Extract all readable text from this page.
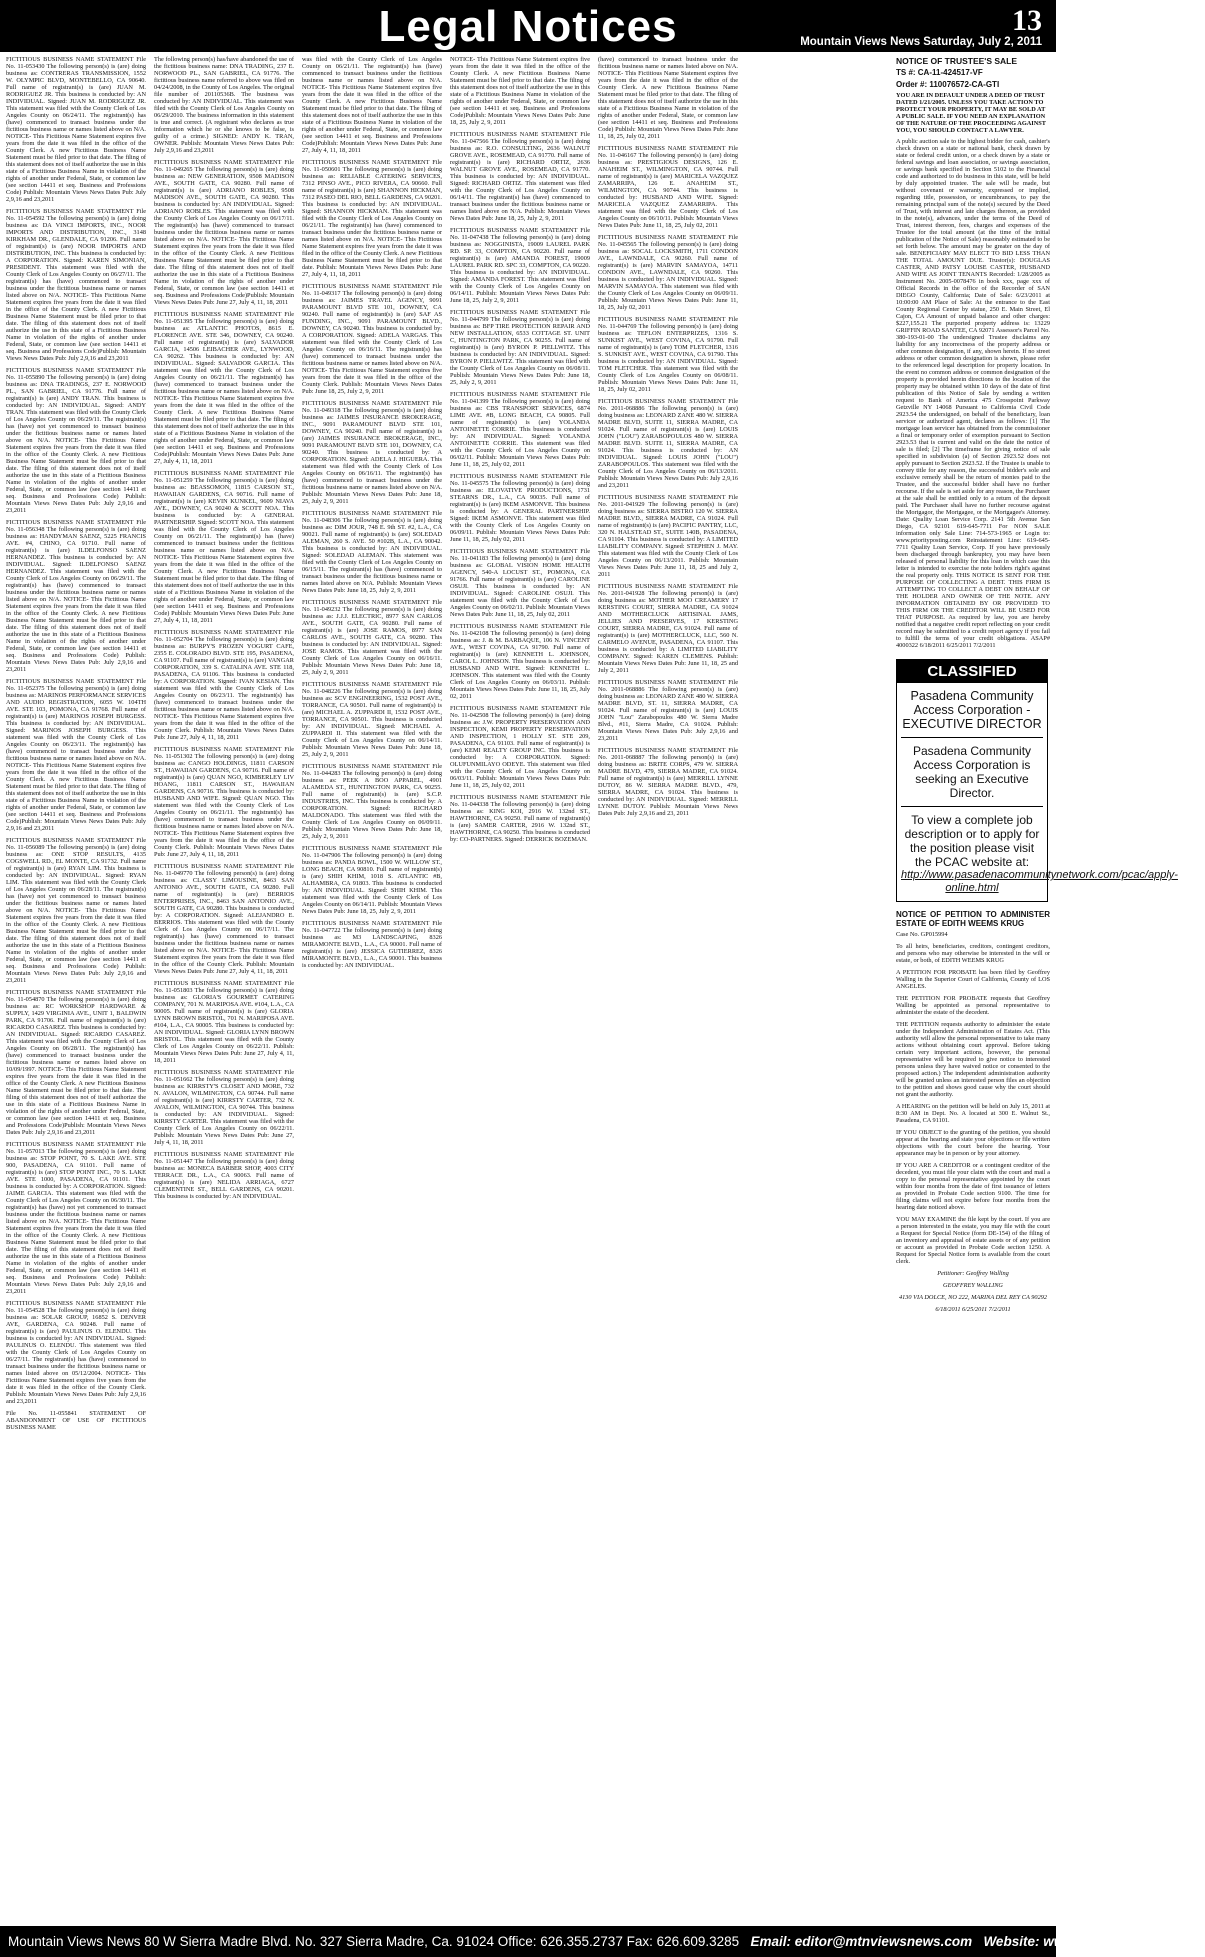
Legal Notices	13
Mountain Views News Saturday, July 2, 2011

FICTITIOUS BUSINESS NAME STATEMENT File No. 11-053430 The following person(s) is (are) doing business as: CONTRERAS TRANSMISSION, 1552 W. OLYMPIC BLVD, MONTEBELLO, CA 90640. Full name of registrant(s) is (are) JUAN M. RODRIGUEZ JR. This business is conducted by: AN INDIVIDUAL. Signed: JUAN M. RODRIGUEZ JR. This statement was filed with the County Clerk of Los Angeles County on 06/24/11. The registrant(s) has (have) commenced to transact business under the fictitious business name or names listed above on N/A. NOTICE- This Fictitious Name Statement expires five years from the date it was filed in the office of the County Clerk. A new Fictitious Business Name Statement must be filed prior to that date. The filing of this statement does not of itself authorize the use in this state of a Fictitious Business Name in violation of the rights of another under Federal, State, or common law (see section 14411 et seq. Business and Professions Code) Publish: Mountain Views News Dates Pub: July 2,9,16 and 23,2011

FICTITIOUS BUSINESS NAME STATEMENT File No. 11-054592 The following person(s) is (are) doing business as: DA VINCI IMPORTS, INC., NOOR IMPORTS AND DISTRIBUTION, INC., 3148 KIRKHAM DR., GLENDALE, CA 91206. Full name of registrant(s) is (are) NOOR IMPORTS AND DISTRIBUTION, INC. This business is conducted by: A CORPORATION. Signed: KAREN SIMONIAN, PRESIDENT. This statement was filed with the County Clerk of Los Angeles County on 06/27/11. The registrant(s) has (have) commenced to transact business under the fictitious business name or names listed above on N/A. NOTICE- This Fictitious Name Statement expires five years from the date it was filed in the office of the County Clerk. A new Fictitious Business Name Statement must be filed prior to that date. The filing of this statement does not of itself authorize the use in this state of a Fictitious Business Name in violation of the rights of another under Federal, State, or common law (see section 14411 et seq. Business and Professions Code)Publish: Mountain Views News Dates Pub: July 2,9,16 and 23,2011

FICTITIOUS BUSINESS NAME STATEMENT File No. 11-055890 The following person(s) is (are) doing business as: DNA TRADINGS, 237 E. NORWOOD PL., SAN GABRIEL, CA 91776. Full name of registrant(s) is (are) ANDY TRAN. This business is conducted by: AN INDIVIDUAL. Signed: ANDY TRAN. This statement was filed with the County Clerk of Los Angeles County on 06/29/11. The registrant(s) has (have) not yet commenced to transact business under the fictitious business name or names listed above on N/A. NOTICE- This Fictitious Name Statement expires five years from the date it was filed in the office of the County Clerk. A new Fictitious Business Name Statement must be filed prior to that date. The filing of this statement does not of itself authorize the use in this state of a Fictitious Business Name in violation of the rights of another under Federal, State, or common law (see section 14411 et seq. Business and Professions Code) Publish: Mountain Views News Dates Pub: July 2,9,16 and 23,2011

FICTITIOUS BUSINESS NAME STATEMENT File No. 11-056348 The following person(s) is (are) doing business as: HANDYMAN SAENZ, 5225 FRANCIS AVE. #4, CHINO, CA 91710. Full name of registrant(s) is (are) ILDELFONSO SAENZ HERNANDEZ. This business is conducted by: AN INDIVIDUAL. Signed: ILDELFONSO SAENZ HERNANDEZ. This statement was filed with the County Clerk of Los Angeles County on 06/29/11. The registrant(s) has (have) commenced to transact business under the fictitious business name or names listed above on N/A. NOTICE- This Fictitious Name Statement expires five years from the date it was filed in the office of the County Clerk. A new Fictitious Business Name Statement must be filed prior to that date. The filing of this statement does not of itself authorize the use in this state of a Fictitious Business Name in violation of the rights of another under Federal, State, or common law (see section 14411 et seq. Business and Professions Code) Publish: Mountain Views News Dates Pub: July 2,9,16 and 23,2011

FICTITIOUS BUSINESS NAME STATEMENT File No. 11-052375 The following person(s) is (are) doing business as: MARINOS PERFORMANCE SERVICES AND AUDIO REGISTRATION, 6055 W. 104TH AVE. STE 103, POMONA, CA 91768. Full name of registrant(s) is (are) MARINOS JOSEPH BURGESS. This business is conducted by: AN INDIVIDUAL. Signed: MARINOS JOSEPH BURGESS. This statement was filed with the County Clerk of Los Angeles County on 06/23/11. The registrant(s) has (have) commenced to transact business under the fictitious business name or names listed above on N/A. NOTICE- This Fictitious Name Statement expires five years from the date it was filed in the office of the County Clerk. A new Fictitious Business Name Statement must be filed prior to that date. The filing of this statement does not of itself authorize the use in this state of a Fictitious Business Name in violation of the rights of another under Federal, State, or common law (see section 14411 et seq. Business and Professions Code)Publish: Mountain Views News Dates Pub: July 2,9,16 and 23,2011

FICTITIOUS BUSINESS NAME STATEMENT File No. 11-056089 The following person(s) is (are) doing business as: ONE STOP RESULTS, 4135 COGSWELL RD., EL MONTE, CA 91732. Full name of registrant(s) is (are) RYAN LIM. This business is conducted by: AN INDIVIDUAL. Signed: RYAN LIM. This statement was filed with the County Clerk of Los Angeles County on 06/28/11. The registrant(s) has (have) not yet commenced to transact business under the fictitious business name or names listed above on N/A. NOTICE- This Fictitious Name Statement expires five years from the date it was filed in the office of the County Clerk. A new Fictitious Business Name Statement must be filed prior to that date. The filing of this statement does not of itself authorize the use in this state of a Fictitious Business Name in violation of the rights of another under Federal, State, or common law (see section 14411 et seq. Business and Professions Code) Publish: Mountain Views News Dates Pub: July 2,9,16 and 23,2011

FICTITIOUS BUSINESS NAME STATEMENT File No. 11-054870 The following person(s) is (are) doing business as: RC WORKSHOP HARDWARE & SUPPLY, 1429 VIRGINIA AVE., UNIT 1, BALDWIN PARK, CA 91706. Full name of registrant(s) is (are) RICARDO CASAREZ. This business is conducted by: AN INDIVIDUAL. Signed: RICARDO CASAREZ. This statement was filed with the County Clerk of Los Angeles County on 06/28/11. The registrant(s) has (have) commenced to transact business under the fictitious business name or names listed above on 10/09/1997. NOTICE- This Fictitious Name Statement expires five years from the date it was filed in the office of the County Clerk. A new Fictitious Business Name Statement must be filed prior to that date. The filing of this statement does not of itself authorize the use in this state of a Fictitious Business Name in violation of the rights of another under Federal, State, or common law (see section 14411 et seq. Business and Professions Code)Publish: Mountain Views News Dates Pub: July 2,9,16 and 23,2011

FICTITIOUS BUSINESS NAME STATEMENT File No. 11-057013 The following person(s) is (are) doing business as: STOP POINT, 70 S. LAKE AVE. STE 900, PASADENA, CA 91101. Full name of registrant(s) is (are) STOP POINT INC., 70 S. LAKE AVE. STE 1000, PASADENA, CA 91101. This business is conducted by: A CORPORATION. Signed: JAIME GARCIA. This statement was filed with the County Clerk of Los Angeles County on 06/30/11. The registrant(s) has (have) not yet commenced to transact business under the fictitious business name or names listed above on N/A. NOTICE- This Fictitious Name Statement expires five years from the date it was filed in the office of the County Clerk. A new Fictitious Business Name Statement must be filed prior to that date. The filing of this statement does not of itself authorize the use in this state of a Fictitious Business Name in violation of the rights of another under Federal, State, or common law (see section 14411 et seq. Business and Professions Code) Publish: Mountain Views News Dates Pub: July 2,9,16 and 23,2011

FICTITIOUS BUSINESS NAME STATEMENT File No. 11-054528 The following person(s) is (are) doing business as: SOLAR GROUP, 16852 S. DENVER AVE, GARDENA, CA 90248. Full name of registrant(s) is (are) PAULINUS O. ELENDU. This business is conducted by: AN INDIVIDUAL. Signed: PAULINUS O. ELENDU. This statement was filed with the County Clerk of Los Angeles County on 06/27/11. The registrant(s) has (have) commenced to transact business under the fictitious business name or names listed above on 05/12/2004. NOTICE- This Fictitious Name Statement expires five years from the date it was filed in the office of the County Clerk. Publish: Mountain Views News Dates Pub: July 2,9,16 and 23,2011

File No. 11-055841 STATEMENT OF ABANDONMENT OF USE OF FICTITIOUS BUSINESS NAME

The following person(s) has/have abandoned the use of the fictitious business name: DNA TRADING, 237 E. NORWOOD PL., SAN GABRIEL, CA 91776. The fictitious business name referred to above was filed on 04/24/2008, in the County of Los Angeles. The original file number of 20110536B. The business was conducted by: AN INDIVIDUAL. This statement was filed with the County Clerk of Los Angeles County on 06/29/2010. The business information in this statement is true and correct. (A registrant who declares as true information which he or she knows to be false, is guilty of a crime.) SIGNED: ANDY K. TRAN, OWNER. Publish: Mountain Views News Dates Pub: July 2,9,16 and 23,2011

FICTITIOUS BUSINESS NAME STATEMENT File No. 11-049265 The following person(s) is (are) doing business as: NEW GENERATION, 9508 MADISON AVE., SOUTH GATE, CA 90280. Full name of registrant(s) is (are) ADRIANO ROBLES, 9508 MADISON AVE., SOUTH GATE, CA 90280. This business is conducted by: AN INDIVIDUAL. Signed: ADRIANO ROBLES. This statement was filed with the County Clerk of Los Angeles County on 06/17/11. The registrant(s) has (have) commenced to transact business under the fictitious business name or names listed above on N/A. NOTICE- This Fictitious Name Statement expires five years from the date it was filed in the office of the County Clerk. A new Fictitious Business Name Statement must be filed prior to that date. The filing of this statement does not of itself authorize the use in this state of a Fictitious Business Name in violation of the rights of another under Federal, State, or common law (see section 14411 et seq. Business and Professions Code)Publish: Mountain Views News Dates Pub: June 27, July 4, 11, 18, 2011

FICTITIOUS BUSINESS NAME STATEMENT File No. 11-051395 The following person(s) is (are) doing business as: ATLANTIC PHOTOS, 8615 E. FLORENCE AVE. STE 346, DOWNEY, CA 90240. Full name of registrant(s) is (are) SALVADOR GARCIA, 14506 LEIBACHER AVE., LYNWOOD, CA 90262. This business is conducted by: AN INDIVIDUAL. Signed: SALVADOR GARCIA. This statement was filed with the County Clerk of Los Angeles County on 06/21/11. The registrant(s) has (have) commenced to transact business under the fictitious business name or names listed above on N/A. NOTICE- This Fictitious Name Statement expires five years from the date it was filed in the office of the County Clerk. A new Fictitious Business Name Statement must be filed prior to that date. The filing of this statement does not of itself authorize the use in this state of a Fictitious Business Name in violation of the rights of another under Federal, State, or common law (see section 14411 et seq. Business and Professions Code)Publish: Mountain Views News Dates Pub: June 27, July 4, 11, 18, 2011

FICTITIOUS BUSINESS NAME STATEMENT File No. 11-051259 The following person(s) is (are) doing business as: BEASSOMON, 11815 CARSON ST., HAWAIIAN GARDENS, CA 90716. Full name of registrant(s) is (are) KEVIN KUNKEL, 9609 NIAVA AVE., DOWNEY, CA 90240 & SCOTT NOA. This business is conducted by: A GENERAL PARTNERSHIP. Signed: SCOTT NOA. This statement was filed with the County Clerk of Los Angeles County on 06/21/11. The registrant(s) has (have) commenced to transact business under the fictitious business name or names listed above on N/A. NOTICE- This Fictitious Name Statement expires five years from the date it was filed in the office of the County Clerk. A new Fictitious Business Name Statement must be filed prior to that date. The filing of this statement does not of itself authorize the use in this state of a Fictitious Business Name in violation of the rights of another under Federal, State, or common law (see section 14411 et seq. Business and Professions Code) Publish: Mountain Views News Dates Pub: June 27, July 4, 11, 18, 2011

FICTITIOUS BUSINESS NAME STATEMENT File No. 11-052704 The following person(s) is (are) doing business as: BURPY'S FROZEN YOGURT CAFE, 2355 E. COLORADO BLVD. STE 195, PASADENA, CA 91107. Full name of registrant(s) is (are) VANGAR CORPORATION, 339 S. CATALINA AVE. STE 118, PASADENA, CA 91106. This business is conducted by: A CORPORATION. Signed: IVAN KESIAN. This statement was filed with the County Clerk of Los Angeles County on 06/23/11. The registrant(s) has (have) commenced to transact business under the fictitious business name or names listed above on N/A. NOTICE- This Fictitious Name Statement expires five years from the date it was filed in the office of the County Clerk. Publish: Mountain Views News Dates Pub: June 27, July 4, 11, 18, 2011

FICTITIOUS BUSINESS NAME STATEMENT File No. 11-051302 The following person(s) is (are) doing business as: CANGO HOLDINGS, 11811 CARSON ST., HAWAIIAN GARDENS, CA 90716. Full name of registrant(s) is (are) QUAN NGO, KIMBERLEY LIV HOANG, 11811 CARSON ST., HAWAIIAN GARDENS, CA 90716. This business is conducted by: HUSBAND AND WIFE. Signed: QUAN NGO. This statement was filed with the County Clerk of Los Angeles County on 06/21/11. The registrant(s) has (have) commenced to transact business under the fictitious business name or names listed above on N/A. NOTICE- This Fictitious Name Statement expires five years from the date it was filed in the office of the County Clerk. Publish: Mountain Views News Dates Pub: June 27, July 4, 11, 18, 2011

FICTITIOUS BUSINESS NAME STATEMENT File No. 11-049770 The following person(s) is (are) doing business as: CLASSY LIMOUSINE, 8463 SAN ANTONIO AVE., SOUTH GATE, CA 90280. Full name of registrant(s) is (are) BERRIOS ENTERPRISES, INC., 8463 SAN ANTONIO AVE., SOUTH GATE, CA 90280. This business is conducted by: A CORPORATION. Signed: ALEJANDRO E. BERRIOS. This statement was filed with the County Clerk of Los Angeles County on 06/17/11. The registrant(s) has (have) commenced to transact business under the fictitious business name or names listed above on N/A. NOTICE- This Fictitious Name Statement expires five years from the date it was filed in the office of the County Clerk. Publish: Mountain Views News Dates Pub: June 27, July 4, 11, 18, 2011

FICTITIOUS BUSINESS NAME STATEMENT File No. 11-051803 The following person(s) is (are) doing business as: GLORIA'S GOURMET CATERING COMPANY, 701 N. MARIPOSA AVE. #104, L.A., CA 90005. Full name of registrant(s) is (are) GLORIA LYNN BROWN BRISTOL, 701 N. MARIPOSA AVE. #104, L.A., CA 90005. This business is conducted by: AN INDIVIDUAL. Signed: GLORIA LYNN BROWN BRISTOL. This statement was filed with the County Clerk of Los Angeles County on 06/22/11. Publish: Mountain Views News Dates Pub: June 27, July 4, 11, 18, 2011

FICTITIOUS BUSINESS NAME STATEMENT File No. 11-051662 The following person(s) is (are) doing business as: KIRRSTY'S CLOSET AND MORE, 732 N. AVALON, WILMINGTON, CA 90744. Full name of registrant(s) is (are) KIRRSTY CARTER, 732 N. AVALON, WILMINGTON, CA 90744. This business is conducted by: AN INDIVIDUAL. Signed: KIRRSTY CARTER. This statement was filed with the County Clerk of Los Angeles County on 06/22/11. Publish: Mountain Views News Dates Pub: June 27, July 4, 11, 18, 2011

FICTITIOUS BUSINESS NAME STATEMENT File No. 11-051447 The following person(s) is (are) doing business as: MONECA BARBER SHOP, 4003 CITY TERRACE DR., L.A., CA 90063. Full name of registrant(s) is (are) NELIDA ARRIAGA, 6727 CLEMENTINE ST., BELL GARDENS, CA 90201. This business is conducted by: AN INDIVIDUAL.

was filed with the County Clerk of Los Angeles County on 06/21/11. The registrant(s) has (have) commenced to transact business under the fictitious business name or names listed above on N/A. NOTICE- This Fictitious Name Statement expires five years from the date it was filed in the office of the County Clerk. A new Fictitious Business Name Statement must be filed prior to that date. The filing of this statement does not of itself authorize the use in this state of a Fictitious Business Name in violation of the rights of another under Federal, State, or common law (see section 14411 et seq. Business and Professions Code)Publish: Mountain Views News Dates Pub: June 27, July 4, 11, 18, 2011

FICTITIOUS BUSINESS NAME STATEMENT File No. 11-050601 The following person(s) is (are) doing business as: RELIABLE CATERING SERVICES, 7312 PINSO AVE., PICO RIVERA, CA 90660. Full name of registrant(s) is (are) SHANNON HICKMAN, 7312 PASEO DEL RIO, BELL GARDENS, CA 90201. This business is conducted by: AN INDIVIDUAL. Signed: SHANNON HICKMAN. This statement was filed with the County Clerk of Los Angeles County on 06/21/11. The registrant(s) has (have) commenced to transact business under the fictitious business name or names listed above on N/A. NOTICE- This Fictitious Name Statement expires five years from the date it was filed in the office of the County Clerk. A new Fictitious Business Name Statement must be filed prior to that date. Publish: Mountain Views News Dates Pub: June 27, July 4, 11, 18, 2011

FICTITIOUS BUSINESS NAME STATEMENT File No. 11-049317 The following person(s) is (are) doing business as: JAIMES TRAVEL AGENCY, 9091 PARAMOUNT BLVD STE 101, DOWNEY, CA 90240. Full name of registrant(s) is (are) SAF AS FUNDING, INC., 9091 PARAMOUNT BLVD., DOWNEY, CA 90240. This business is conducted by: A CORPORATION. Signed: ADELA VARGAS. This statement was filed with the County Clerk of Los Angeles County on 06/16/11. The registrant(s) has (have) commenced to transact business under the fictitious business name or names listed above on N/A. NOTICE- This Fictitious Name Statement expires five years from the date it was filed in the office of the County Clerk. Publish: Mountain Views News Dates Pub: June 18, 25, July 2, 9, 2011

FICTITIOUS BUSINESS NAME STATEMENT File No. 11-049318 The following person(s) is (are) doing business as: JAIMES INSURANCE BROKERAGE, INC., 9091 PARAMOUNT BLVD STE 101, DOWNEY, CA 90240. Full name of registrant(s) is (are) JAIMES INSURANCE BROKERAGE, INC., 9091 PARAMOUNT BLVD STE 101, DOWNEY, CA 90240. This business is conducted by: A CORPORATION. Signed: ADELA J. HIGUERA. This statement was filed with the County Clerk of Los Angeles County on 06/16/11. The registrant(s) has (have) commenced to transact business under the fictitious business name or names listed above on N/A. Publish: Mountain Views News Dates Pub: June 18, 25, July 2, 9, 2011

FICTITIOUS BUSINESS NAME STATEMENT File No. 11-048306 The following person(s) is (are) doing business as: DIM JOUR, 748 E. 9th ST. #2, L.A., CA 90021. Full name of registrant(s) is (are) SOLEDAD ALEMAN, 260 S. AVE. 50 #102B, L.A., CA 90042. This business is conducted by: AN INDIVIDUAL. Signed: SOLEDAD ALEMAN. This statement was filed with the County Clerk of Los Angeles County on 06/15/11. The registrant(s) has (have) commenced to transact business under the fictitious business name or names listed above on N/A. Publish: Mountain Views News Dates Pub: June 18, 25, July 2, 9, 2011

FICTITIOUS BUSINESS NAME STATEMENT File No. 11-049232 The following person(s) is (are) doing business as: J.J.J. ELECTRIC, 8977 SAN CARLOS AVE., SOUTH GATE, CA 90280. Full name of registrant(s) is (are) JOSE RAMOS, 8977 SAN CARLOS AVE., SOUTH GATE, CA 90280. This business is conducted by: AN INDIVIDUAL. Signed: JOSE RAMOS. This statement was filed with the County Clerk of Los Angeles County on 06/16/11. Publish: Mountain Views News Dates Pub: June 18, 25, July 2, 9, 2011

FICTITIOUS BUSINESS NAME STATEMENT File No. 11-048226 The following person(s) is (are) doing business as: SCV ENGINEERING, 1532 POST AVE., TORRANCE, CA 90501. Full name of registrant(s) is (are) MICHAEL A. ZUPPARDI II, 1532 POST AVE., TORRANCE, CA 90501. This business is conducted by: AN INDIVIDUAL. Signed: MICHAEL A. ZUPPARDI II. This statement was filed with the County Clerk of Los Angeles County on 06/14/11. Publish: Mountain Views News Dates Pub: June 18, 25, July 2, 9, 2011

FICTITIOUS BUSINESS NAME STATEMENT File No. 11-044283 The following person(s) is (are) doing business as: PEEK A BOO APPAREL, 4901 ALAMEDA ST., HUNTINGTON PARK, CA 90255. Full name of registrant(s) is (are) S.C.P. INDUSTRIES, INC. This business is conducted by: A CORPORATION. Signed: RICHARD MALDONADO. This statement was filed with the County Clerk of Los Angeles County on 06/09/11. Publish: Mountain Views News Dates Pub: June 18, 25, July 2, 9, 2011

FICTITIOUS BUSINESS NAME STATEMENT File No. 11-047906 The following person(s) is (are) doing business as: PANDA BOWL, 1500 W. WILLOW ST., LONG BEACH, CA 90810. Full name of registrant(s) is (are) SHIH KHIM, 1018 S. ATLANTIC #B, ALHAMBRA, CA 91803. This business is conducted by: AN INDIVIDUAL. Signed: SHIH KHIM. This statement was filed with the County Clerk of Los Angeles County on 06/14/11. Publish: Mountain Views News Dates Pub: June 18, 25, July 2, 9, 2011

FICTITIOUS BUSINESS NAME STATEMENT File No. 11-047722 The following person(s) is (are) doing business as: M3 LANDSCAPING, 8326 MIRAMONTE BLVD., L.A., CA 90001. Full name of registrant(s) is (are) JESSICA GUTIERREZ, 8326 MIRAMONTE BLVD., L.A., CA 90001. This business is conducted by: AN INDIVIDUAL.

NOTICE- This Fictitious Name Statement expires five years from the date it was filed in the office of the County Clerk. A new Fictitious Business Name Statement must be filed prior to that date. The filing of this statement does not of itself authorize the use in this state of a Fictitious Business Name in violation of the rights of another under Federal, State, or common law (see section 14411 et seq. Business and Professions Code)Publish: Mountain Views News Dates Pub: June 18, 25, July 2, 9, 2011

FICTITIOUS BUSINESS NAME STATEMENT File No. 11-047566 The following person(s) is (are) doing business as: R.O. CONSULTING, 2636 WALNUT GROVE AVE., ROSEMEAD, CA 91770. Full name of registrant(s) is (are) RICHARD ORTIZ, 2636 WALNUT GROVE AVE., ROSEMEAD, CA 91770. This business is conducted by: AN INDIVIDUAL. Signed: RICHARD ORTIZ. This statement was filed with the County Clerk of Los Angeles County on 06/14/11. The registrant(s) has (have) commenced to transact business under the fictitious business name or names listed above on N/A. Publish: Mountain Views News Dates Pub: June 18, 25, July 2, 9, 2011

FICTITIOUS BUSINESS NAME STATEMENT File No. 11-047438 The following person(s) is (are) doing business as: NOGGINISTA, 19009 LAUREL PARK RD. SP. 33, COMPTON, CA 90220. Full name of registrant(s) is (are) AMANDA FOREST, 19009 LAUREL PARK RD. SPC 33, COMPTON, CA 90220. This business is conducted by: AN INDIVIDUAL. Signed: AMANDA FOREST. This statement was filed with the County Clerk of Los Angeles County on 06/14/11. Publish: Mountain Views News Dates Pub: June 18, 25, July 2, 9, 2011

FICTITIOUS BUSINESS NAME STATEMENT File No. 11-044799 The following person(s) is (are) doing business as: BFP TIRE PROTECTION REPAIR AND NEW INSTALLATION, 6533 COTTAGE ST. UNIT C, HUNTINGTON PARK, CA 90255. Full name of registrant(s) is (are) BYRON P. PIELLWITZ. This business is conducted by: AN INDIVIDUAL. Signed: BYRON P. PIELLWITZ. This statement was filed with the County Clerk of Los Angeles County on 06/08/11. Publish: Mountain Views News Dates Pub: June 18, 25, July 2, 9, 2011

FICTITIOUS BUSINESS NAME STATEMENT File No. 11-041399 The following person(s) is (are) doing business as: CBS TRANSPORT SERVICES, 6874 LIME AVE. #B, LONG BEACH, CA 90805. Full name of registrant(s) is (are) YOLANDA ANTOINETTE CORRIE. This business is conducted by: AN INDIVIDUAL. Signed: YOLANDA ANTOINETTE CORRIE. This statement was filed with the County Clerk of Los Angeles County on 06/02/11. Publish: Mountain Views News Dates Pub: June 11, 18, 25, July 02, 2011

FICTITIOUS BUSINESS NAME STATEMENT File No. 11-045575 The following person(s) is (are) doing business as: ELOVATIVE PRODUCTIONS, 1731 STEARNS DR., L.A., CA 90035. Full name of registrant(s) is (are) IKEM ASMONVE. This business is conducted by: A GENERAL PARTNERSHIP. Signed: IKEM ASMONVE. This statement was filed with the County Clerk of Los Angeles County on 06/09/11. Publish: Mountain Views News Dates Pub: June 11, 18, 25, July 02, 2011

FICTITIOUS BUSINESS NAME STATEMENT File No. 11-041183 The following person(s) is (are) doing business as: GLOBAL VISION HOME HEALTH AGENCY, 540-A LOCUST ST., POMONA, CA 91766. Full name of registrant(s) is (are) CAROLINE OSUJI. This business is conducted by: AN INDIVIDUAL. Signed: CAROLINE OSUJI. This statement was filed with the County Clerk of Los Angeles County on 06/02/11. Publish: Mountain Views News Dates Pub: June 11, 18, 25, July 02, 2011

FICTITIOUS BUSINESS NAME STATEMENT File No. 11-042108 The following person(s) is (are) doing business as: J. & M. BARBAQUE, 106 N. VINCENT AVE., WEST COVINA, CA 91790. Full name of registrant(s) is (are) KENNETH L. JOHNSON, CAROL L. JOHNSON. This business is conducted by: HUSBAND AND WIFE. Signed: KENNETH L. JOHNSON. This statement was filed with the County Clerk of Los Angeles County on 06/03/11. Publish: Mountain Views News Dates Pub: June 11, 18, 25, July 02, 2011

FICTITIOUS BUSINESS NAME STATEMENT File No. 11-042508 The following person(s) is (are) doing business as: J.W. PROPERTY PRESERVATION AND INSPECTION, KEMI PROPERTY PRESERVATION AND INSPECTION, 1 HOLLY ST. STE 209, PASADENA, CA 91103. Full name of registrant(s) is (are) KEMI REALTY GROUP INC. This business is conducted by: A CORPORATION. Signed: OLUFUNMILAYO ODEYE. This statement was filed with the County Clerk of Los Angeles County on 06/03/11. Publish: Mountain Views News Dates Pub: June 11, 18, 25, July 02, 2011

FICTITIOUS BUSINESS NAME STATEMENT File No. 11-044338 The following person(s) is (are) doing business as: KING KOI, 2916 W. 132nd ST., HAWTHORNE, CA 90250. Full name of registrant(s) is (are) SAMER CARTER, 2916 W. 132nd ST., HAWTHORNE, CA 90250. This business is conducted by: CO-PARTNERS. Signed: DERRICK BOZEMAN.

(have) commenced to transact business under the fictitious business name or names listed above on N/A. NOTICE- This Fictitious Name Statement expires five years from the date it was filed in the office of the County Clerk. A new Fictitious Business Name Statement must be filed prior to that date. The filing of this statement does not of itself authorize the use in this state of a Fictitious Business Name in violation of the rights of another under Federal, State, or common law (see section 14411 et seq. Business and Professions Code) Publish: Mountain Views News Dates Pub: June 11, 18, 25, July 02, 2011

FICTITIOUS BUSINESS NAME STATEMENT File No. 11-046167 The following person(s) is (are) doing business as: PRESTIGIOUS DESIGNS, 126 E. ANAHEIM ST., WILMINGTON, CA 90744. Full name of registrant(s) is (are) MARICELA VAZQUEZ ZAMARRIPA, 126 E. ANAHEIM ST., WILMINGTON, CA 90744. This business is conducted by: HUSBAND AND WIFE. Signed: MARICELA VAZQUEZ ZAMARRIPA. This statement was filed with the County Clerk of Los Angeles County on 06/10/11. Publish: Mountain Views News Dates Pub: June 11, 18, 25, July 02, 2011

FICTITIOUS BUSINESS NAME STATEMENT File No. 11-045565 The following person(s) is (are) doing business as: SOCAL LOCKSMITH, 1711 CONDON AVE., LAWNDALE, CA 90260. Full name of registrant(s) is (are) MARVIN SAMAYOA, 14711 CONDON AVE., LAWNDALE, CA 90260. This business is conducted by: AN INDIVIDUAL. Signed: MARVIN SAMAYOA. This statement was filed with the County Clerk of Los Angeles County on 06/09/11. Publish: Mountain Views News Dates Pub: June 11, 18, 25, July 02, 2011

FICTITIOUS BUSINESS NAME STATEMENT File No. 11-044769 The following person(s) is (are) doing business as: TEFLON ENTERPRIZES, 1316 S. SUNKIST AVE., WEST COVINA, CA 91790. Full name of registrant(s) is (are) TOM FLETCHER, 1316 S. SUNKIST AVE., WEST COVINA, CA 91790. This business is conducted by: AN INDIVIDUAL. Signed: TOM FLETCHER. This statement was filed with the County Clerk of Los Angeles County on 06/08/11. Publish: Mountain Views News Dates Pub: June 11, 18, 25, July 02, 2011

FICTITIOUS BUSINESS NAME STATEMENT File No. 2011-068886 The following person(s) is (are) doing business as: LEONARD ZANE 480 W. SIERRA MADRE BLVD, SUITE 11, SIERRA MADRE, CA 91024. Full name of registrant(s) is (are) LOUIS JOHN ("LOU") ZARABOPOULOS 480 W. SIERRA MADRE BLVD. SUITE 11, SIERRA MADRE, CA 91024. This business is conducted by: AN INDIVIDUAL. Signed: LOUIS JOHN ("LOU") ZARABOPOULOS. This statement was filed with the County Clerk of Los Angeles County on 06/13/2011. Publish: Mountain Views News Dates Pub: July 2,9,16 and 23,2011

FICTITIOUS BUSINESS NAME STATEMENT File No. 2011-041929 The following person(s) is (are) doing business as: SIERRA BISTRO 120 W. SIERRA MADRE BLVD., SIERRA MADRE, CA 91024. Full name of registrant(s) is (are) PACIFIC PANTRY, LLC, 320 N. HALSTEAD ST., SUITE 140B, PASADENA, CA 91104. This business is conducted by: A LIMITED LIABILITY COMPANY. Signed: STEPHEN J. MAY. This statement was filed with the County Clerk of Los Angeles County on 06/13/2011. Publish: Mountain Views News Dates Pub: June 11, 18, 25 and July 2, 2011

FICTITIOUS BUSINESS NAME STATEMENT File No. 2011-041928 The following person(s) is (are) doing business as: MOTHER MOO CREAMERY 17 KERSTING COURT, SIERRA MADRE, CA 91024 AND MOTHERCLUCK ARTISINAL JAMS, JELLIES AND PRESERVES, 17 KERSTING COURT, SIERRA MADRE, CA 91024. Full name of registrant(s) is (are) MOTHERCLUCK, LLC, 560 N. CARMELO AVENUE, PASADENA, CA 91107. This business is conducted by: A LIMITED LIABILITY COMPANY. Signed: KAREN CLEMENS. Publish: Mountain Views News Dates Pub: June 11, 18, 25 and July 2, 2011

FICTITIOUS BUSINESS NAME STATEMENT File No. 2011-068886 The following person(s) is (are) doing business as: LEONARD ZANE 480 W. SIERRA MADRE BLVD, ST. 11, SIERRA MADRE, CA 91024. Full name of registrant(s) is (are) LOUIS JOHN "Lou" Zarabopoulos 480 W. Sierra Madre Blvd., #11, Sierra Madre, CA 91024. Publish: Mountain Views News Dates Pub: July 2,9,16 and 23,2011

FICTITIOUS BUSINESS NAME STATEMENT File No. 2011-068887 The following person(s) is (are) doing business as: BRITE CORPS, 479 W. SIERRA MADRE BLVD, 479, SIERRA MADRE, CA 91024. Full name of registrant(s) is (are) MERRILL LYNNE DUTOY, 86 W. SIERRA MADRE BLVD., 479, SIERRA MADRE, CA 91024. This business is conducted by: AN INDIVIDUAL. Signed: MERRILL LYNNE DUTOY. Publish: Mountain Views News Dates Pub: July 2,9,16 and 23, 2011

NOTICE OF TRUSTEE'S SALE
TS #: CA-11-424517-VF
Order #: 110076572-CA-GTI
YOU ARE IN DEFAULT UNDER A DEED OF TRUST DATED 1/21/2005. UNLESS YOU TAKE ACTION TO PROTECT YOUR PROPERTY, IT MAY BE SOLD AT A PUBLIC SALE. IF YOU NEED AN EXPLANATION OF THE NATURE OF THE PROCEEDING AGAINST YOU, YOU SHOULD CONTACT A LAWYER.
A public auction sale to the highest bidder for cash, cashier's check drawn on a state or national bank, check drawn by state or federal credit union, or a check drawn by a state or federal savings and loan association, or savings association, or savings bank specified in Section 5102 to the Financial code and authorized to do business in this state, will be held by duly appointed trustee. The sale will be made, but without covenant or warranty, expressed or implied, regarding title, possession, or encumbrances, to pay the remaining principal sum of the note(s) secured by the Deed of Trust, with interest and late charges thereon, as provided in the note(s), advances, under the terms of the Deed of Trust, interest thereon, fees, charges and expenses of the Trustee for the total amount (at the time of the initial publication of the Notice of Sale) reasonably estimated to be set forth below. The amount may be greater on the day of sale. BENEFICIARY MAY ELECT TO BID LESS THAN THE TOTAL AMOUNT DUE. Trustor(s): DOUGLAS CASTER, AND PATSY LOUISE CASTER, HUSBAND AND WIFE AS JOINT TENANTS Recorded: 1/28/2005 as Instrument No. 2005-0078476 in book xxx, page xxx of Official Records in the office of the Recorder of SAN DIEGO County, California; Date of Sale: 6/23/2011 at 10:00:00 AM Place of Sale: At the entrance to the East County Regional Center by statue, 250 E. Main Street, El Cajon, CA Amount of unpaid balance and other charges: $227,155.21 The purported property address is: 13229 GRIFFIN ROAD SANTEE, CA 92071 Assessor's Parcel No. 380-193-01-00 The undersigned Trustee disclaims any liability for any incorrectness of the property address or other common designation, if any, shown herein. If no street address or other common designation is shown, please refer to the referenced legal description for property location. In the event no common address or common designation of the property is provided herein directions to the location of the property may be obtained within 10 days of the date of first publication of this Notice of Sale by sending a written request to Bank of America 475 Crosspoint Parkway Getzville NY 14068 Pursuant to California Civil Code 2923.54 the undersigned, on behalf of the beneficiary, loan servicer or authorized agent, declares as follows: [1] The mortgage loan servicer has obtained from the commissioner a final or temporary order of exemption pursuant to Section 2923.53 that is current and valid on the date the notice of sale is filed; [2] The timeframe for giving notice of sale specified in subdivision (a) of Section 2923.52 does not apply pursuant to Section 2923.52. If the Trustee is unable to convey title for any reason, the successful bidder's sole and exclusive remedy shall be the return of monies paid to the Trustee, and the successful bidder shall have no further recourse. If the sale is set aside for any reason, the Purchaser at the sale shall be entitled only to a return of the deposit paid. The Purchaser shall have no further recourse against the Mortgagor, the Mortgagee, or the Mortgagee's Attorney. Date: Quality Loan Service Corp. 2141 5th Avenue San Diego, CA 92101 619-645-7711 For NON SALE information only Sale Line: 714-573-1965 or Login to: www.priorityposting.com Reinstatement Line: 619-645-7711 Quality Loan Service, Corp. If you have previously been discharged through bankruptcy, you may have been released of personal liability for this loan in which case this letter is intended to exercise the note holders right's against the real property only. THIS NOTICE IS SENT FOR THE PURPOSE OF COLLECTING A DEBT. THIS FIRM IS ATTEMPTING TO COLLECT A DEBT ON BEHALF OF THE HOLDER AND OWNER OF THE NOTE. ANY INFORMATION OBTAINED BY OR PROVIDED TO THIS FIRM OR THE CREDITOR WILL BE USED FOR THAT PURPOSE. As required by law, you are hereby notified that a negative credit report reflecting on your credit record may be submitted to a credit report agency if you fail to fulfill the terms of your credit obligations. ASAP# 4000322 6/18/2011 6/25/2011 7/2/2011
CLASSIFIED
Pasadena Community Access Corporation - EXECUTIVE DIRECTOR
Pasadena Community Access Corporation is seeking an Executive Director.
To view a complete job description or to apply for the position please visit the PCAC website at:
http://www.pasadenacommunitynetwork.com/pcac/apply-online.html
NOTICE OF PETITION TO ADMINISTER ESTATE OF EDITH WEEMS KRUG

Case No. GP015994

To all heirs, beneficiaries, creditors, contingent creditors, and persons who may otherwise be interested in the will or estate, or both, of EDITH WEEMS KRUG

A PETITION FOR PROBATE has been filed by Geoffrey Walling in the Superior Court of California, County of LOS ANGELES.

THE PETITION FOR PROBATE requests that Geoffrey Walling be appointed as personal representative to administer the estate of the decedent.

THE PETITION requests authority to administer the estate under the Independent Administration of Estates Act. (This authority will allow the personal representative to take many actions without obtaining court approval. Before taking certain very important actions, however, the personal representative will be required to give notice to interested persons unless they have waived notice or consented to the proposed action.) The independent administration authority will be granted unless an interested person files an objection to the petition and shows good cause why the court should not grant the authority.

A HEARING on the petition will be held on July 15, 2011 at 8:30 AM in Dept. No. A located at 300 E. Walnut St., Pasadena, CA 91101.

IF YOU OBJECT to the granting of the petition, you should appear at the hearing and state your objections or file written objections with the court before the hearing. Your appearance may be in person or by your attorney.

IF YOU ARE A CREDITOR or a contingent creditor of the decedent, you must file your claim with the court and mail a copy to the personal representative appointed by the court within four months from the date of first issuance of letters as provided in Probate Code section 9100. The time for filing claims will not expire before four months from the hearing date noticed above.

YOU MAY EXAMINE the file kept by the court. If you are a person interested in the estate, you may file with the court a Request for Special Notice (form DE-154) of the filing of an inventory and appraisal of estate assets or of any petition or account as provided in Probate Code section 1250. A Request for Special Notice form is available from the court clerk.

Petitioner: Geoffrey Walling

GEOFFREY WALLING

4130 VIA DOLCE, NO 222, MARINA DEL REY CA 90292

6/18/2011 6/25/2011 7/2/2011

Mountain Views News 80 W Sierra Madre Blvd. No. 327 Sierra Madre, Ca. 91024 Office: 626.355.2737 Fax: 626.609.3285 Email: editor@mtnviewsnews.com Website: www.mtnviewsnews.com
